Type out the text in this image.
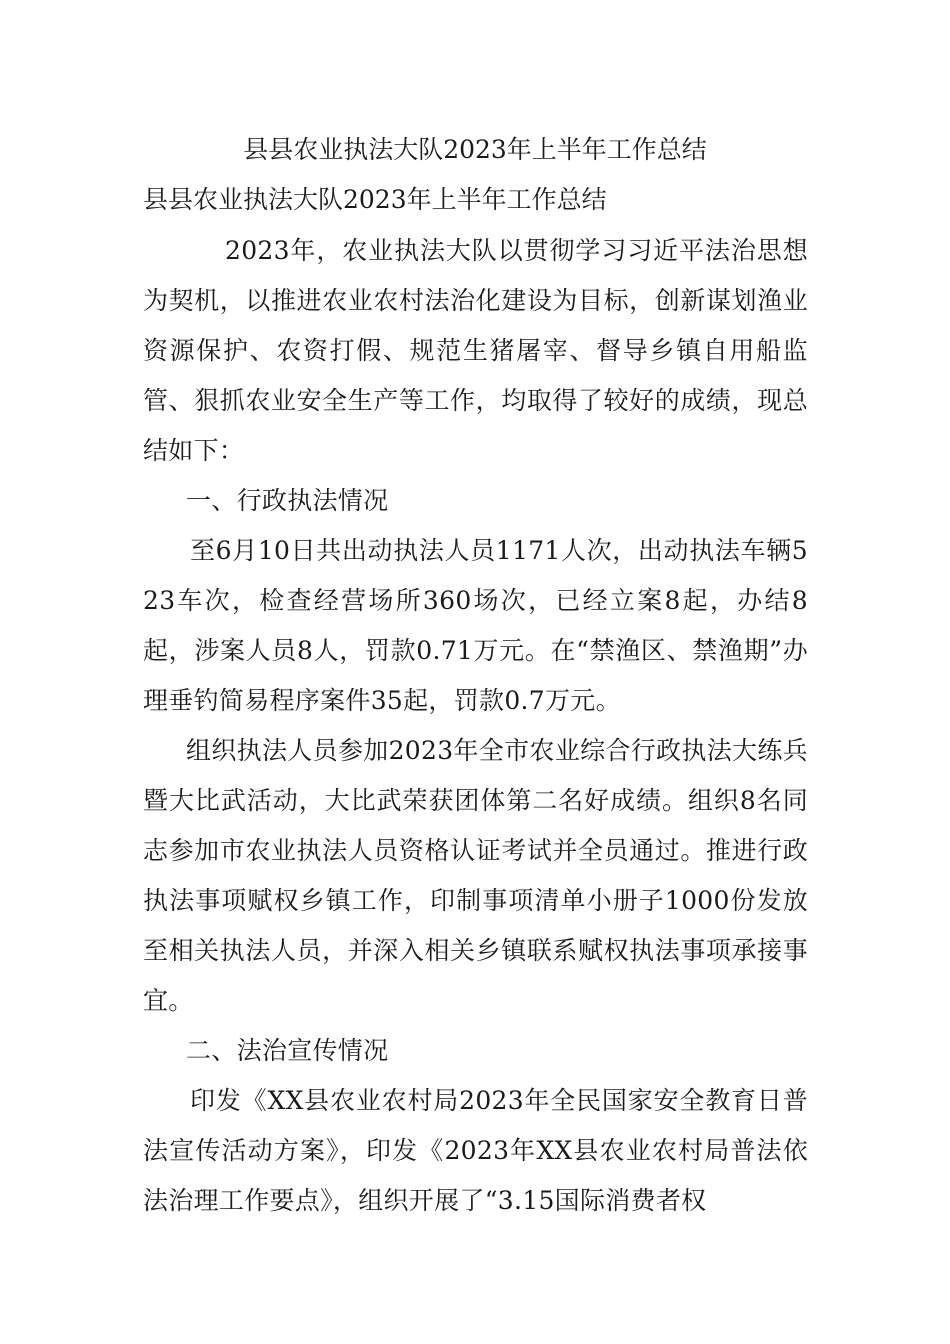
县县农业执法大队2023年上半年工作总结
县县农业执法大队2023年上半年工作总结

2023年，农业执法大队以贯彻学习习近平法治思想为契机，以推进农业农村法治化建设为目标，创新谋划渔业资源保护、农资打假、规范生猪屠宰、督导乡镇自用船监管、狠抓农业安全生产等工作，均取得了较好的成绩，现总结如下：

一、行政执法情况

至6月10日共出动执法人员1171人次，出动执法车辆523车次，检查经营场所360场次，已经立案8起，办结8起，涉案人员8人，罚款0.71万元。在“禁渔区、禁渔期”办理垂钓简易程序案件35起，罚款0.7万元。

组织执法人员参加2023年全市农业综合行政执法大练兵暨大比武活动，大比武荣获团体第二名好成绩。组织8名同志参加市农业执法人员资格认证考试并全员通过。推进行政执法事项赋权乡镇工作，印制事项清单小册子1000份发放至相关执法人员，并深入相关乡镇联系赋权执法事项承接事宜。

二、法治宣传情况

印发《XX县农业农村局2023年全民国家安全教育日普法宣传活动方案》，印发《2023年XX县农业农村局普法依法治理工作要点》，组织开展了“3.15国际消费者权
